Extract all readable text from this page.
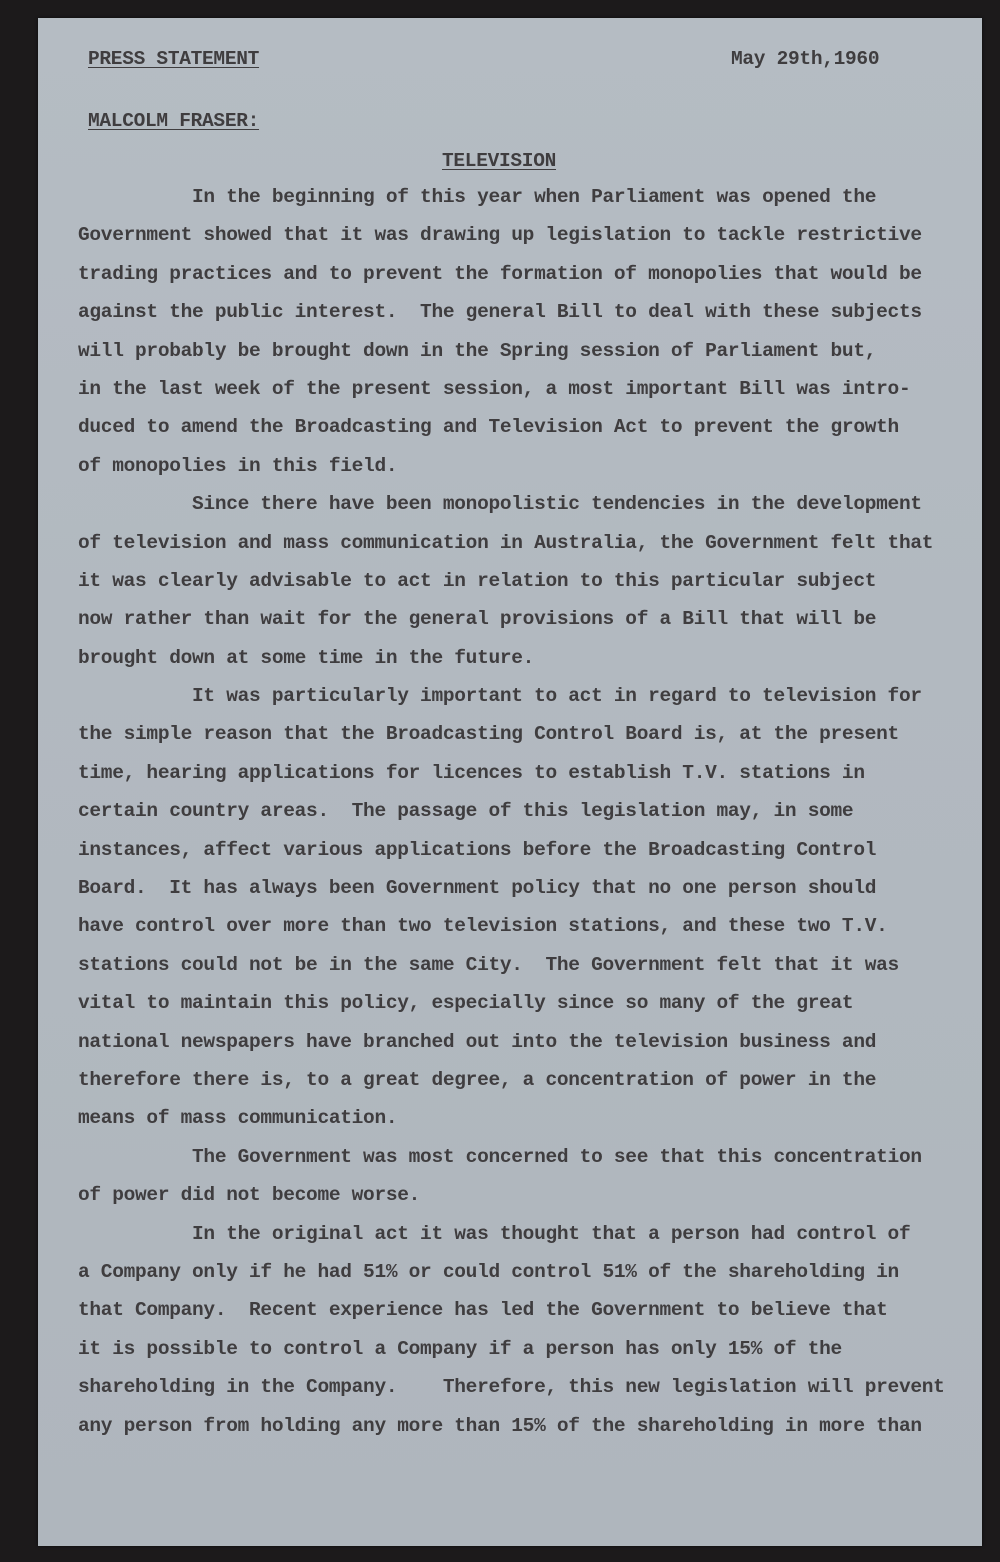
PRESS STATEMENT	May 29th,1960
MALCOLM FRASER:
TELEVISION
In the beginning of this year when Parliament was opened the
Government showed that it was drawing up legislation to tackle restrictive
trading practices and to prevent the formation of monopolies that would be
against the public interest.  The general Bill to deal with these subjects
will probably be brought down in the Spring session of Parliament but,
in the last week of the present session, a most important Bill was intro-
duced to amend the Broadcasting and Television Act to prevent the growth
of monopolies in this field.
Since there have been monopolistic tendencies in the development
of television and mass communication in Australia, the Government felt that
it was clearly advisable to act in relation to this particular subject
now rather than wait for the general provisions of a Bill that will be
brought down at some time in the future.
It was particularly important to act in regard to television for
the simple reason that the Broadcasting Control Board is, at the present
time, hearing applications for licences to establish T.V. stations in
certain country areas.  The passage of this legislation may, in some
instances, affect various applications before the Broadcasting Control
Board.  It has always been Government policy that no one person should
have control over more than two television stations, and these two T.V.
stations could not be in the same City.  The Government felt that it was
vital to maintain this policy, especially since so many of the great
national newspapers have branched out into the television business and
therefore there is, to a great degree, a concentration of power in the
means of mass communication.
The Government was most concerned to see that this concentration
of power did not become worse.
In the original act it was thought that a person had control of
a Company only if he had 51% or could control 51% of the shareholding in
that Company.  Recent experience has led the Government to believe that
it is possible to control a Company if a person has only 15% of the
shareholding in the Company.    Therefore, this new legislation will prevent
any person from holding any more than 15% of the shareholding in more than
